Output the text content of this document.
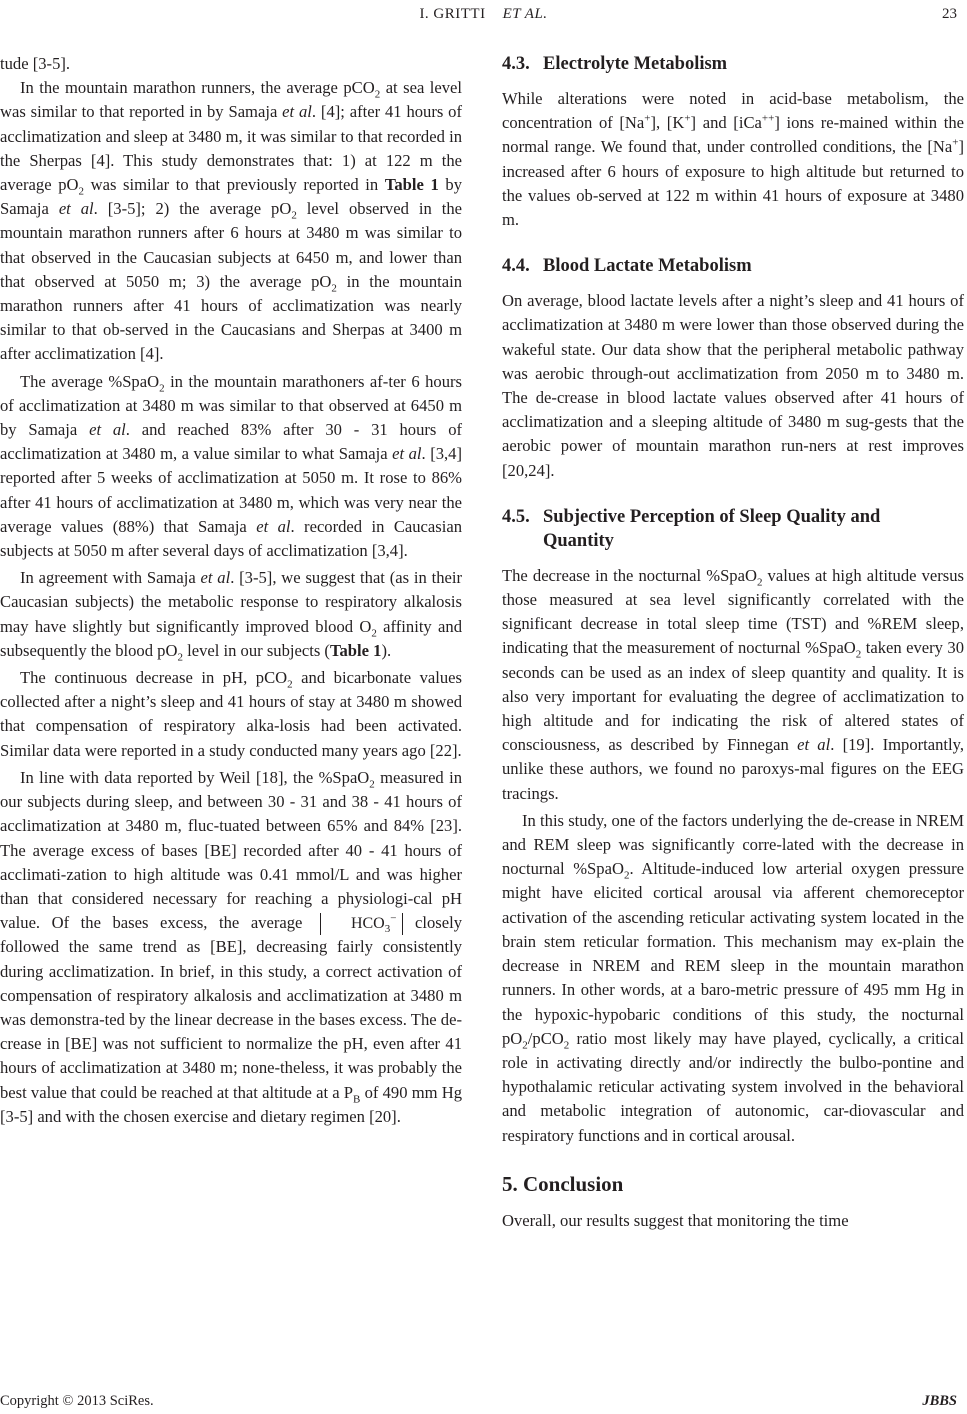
I. GRITTI ET AL.	23

tude [3-5].

In the mountain marathon runners, the average pCO$_2$ at sea level was similar to that reported in by Samaja et al. [4]; after 41 hours of acclimatization and sleep at 3480 m, it was similar to that recorded in the Sherpas [4]. This study demonstrates that: 1) at 122 m the average $pO_2$ was similar to that previously reported in Table 1 by Samaja et al. [3-5]; 2) the average $pO_2$ level observed in the mountain marathon runners after 6 hours at 3480 m was similar to that observed in the Caucasian subjects at 6450 m, and lower than that observed at 5050 m; 3) the average $pO_2$ in the mountain marathon runners after 41 hours of acclimatization was nearly similar to that ob-served in the Caucasians and Sherpas at 3400 m after acclimatization [4].

The average %SpaO$_2$ in the mountain marathoners af-ter 6 hours of acclimatization at 3480 m was similar to that observed at 6450 m by Samaja et al. and reached 83% after 30 - 31 hours of acclimatization at 3480 m, a value similar to what Samaja et al. [3,4] reported after 5 weeks of acclimatization at 5050 m. It rose to 86% after 41 hours of acclimatization at 3480 m, which was very near the average values (88%) that Samaja et al. recorded in Caucasian subjects at 5050 m after several days of acclimatization [3,4].

In agreement with Samaja et al. [3-5], we suggest that (as in their Caucasian subjects) the metabolic response to respiratory alkalosis may have slightly but significantly improved blood $O_2$ affinity and subsequently the blood $pO_2$ level in our subjects (Table 1).

The continuous decrease in pH, pCO$_2$ and bicarbonate values collected after a night’s sleep and 41 hours of stay at 3480 m showed that compensation of respiratory alka-losis had been activated. Similar data were reported in a study conducted many years ago [22].

In line with data reported by Weil [18], the %SpaO$_2$ measured in our subjects during sleep, and between 30 - 31 and 38 - 41 hours of acclimatization at 3480 m, fluc-tuated between 65% and 84% [23]. The average excess of bases [BE] recorded after 40 - 41 hours of acclimati-zation to high altitude was 0.41 mmol/L and was higher than that considered necessary for reaching a physiologi-cal pH value. Of the bases excess, the average $HCO_3^-$ closely followed the same trend as [BE], decreasing fairly consistently during acclimatization. In brief, in this study, a correct activation of compensation of respiratory alkalosis and acclimatization at 3480 m was demonstra-ted by the linear decrease in the bases excess. The de-crease in [BE] was not sufficient to normalize the pH, even after 41 hours of acclimatization at 3480 m; none-theless, it was probably the best value that could be reached at that altitude at a $P_B$ of 490 mm Hg [3-5] and with the chosen exercise and dietary regimen [20].

4.3. Electrolyte Metabolism

While alterations were noted in acid-base metabolism, the concentration of [Na+], [K+] and [iCa++] ions re-mained within the normal range. We found that, under controlled conditions, the [Na+] increased after 6 hours of exposure to high altitude but returned to the values ob-served at 122 m within 41 hours of exposure at 3480 m.

4.4. Blood Lactate Metabolism

On average, blood lactate levels after a night’s sleep and 41 hours of acclimatization at 3480 m were lower than those observed during the wakeful state. Our data show that the peripheral metabolic pathway was aerobic through-out acclimatization from 2050 m to 3480 m. The de-crease in blood lactate values observed after 41 hours of acclimatization and a sleeping altitude of 3480 m sug-gests that the aerobic power of mountain marathon run-ners at rest improves [20,24].

4.5. Subjective Perception of Sleep Quality and
Quantity

The decrease in the nocturnal %SpaO$_2$ values at high altitude versus those measured at sea level significantly correlated with the significant decrease in total sleep time (TST) and %REM sleep, indicating that the measurement of nocturnal %SpaO$_2$ taken every 30 seconds can be used as an index of sleep quantity and quality. It is also very important for evaluating the degree of acclimatization to high altitude and for indicating the risk of altered states of consciousness, as described by Finnegan et al. [19]. Importantly, unlike these authors, we found no paroxys-mal figures on the EEG tracings.

In this study, one of the factors underlying the de-crease in NREM and REM sleep was significantly corre-lated with the decrease in nocturnal %SpaO$_2$. Altitude-induced low arterial oxygen pressure might have elicited cortical arousal via afferent chemoreceptor activation of the ascending reticular activating system located in the brain stem reticular formation. This mechanism may ex-plain the decrease in NREM and REM sleep in the mountain marathon runners. In other words, at a baro-metric pressure of 495 mm Hg in the hypoxic-hypobaric conditions of this study, the nocturnal $pO_2/pCO_2$ ratio most likely may have played, cyclically, a critical role in activating directly and/or indirectly the bulbo-pontine and hypothalamic reticular activating system involved in the behavioral and metabolic integration of autonomic, car-diovascular and respiratory functions and in cortical arousal.

5. Conclusion

Overall, our results suggest that monitoring the time

Copyright © 2013 SciRes.	JBBS
